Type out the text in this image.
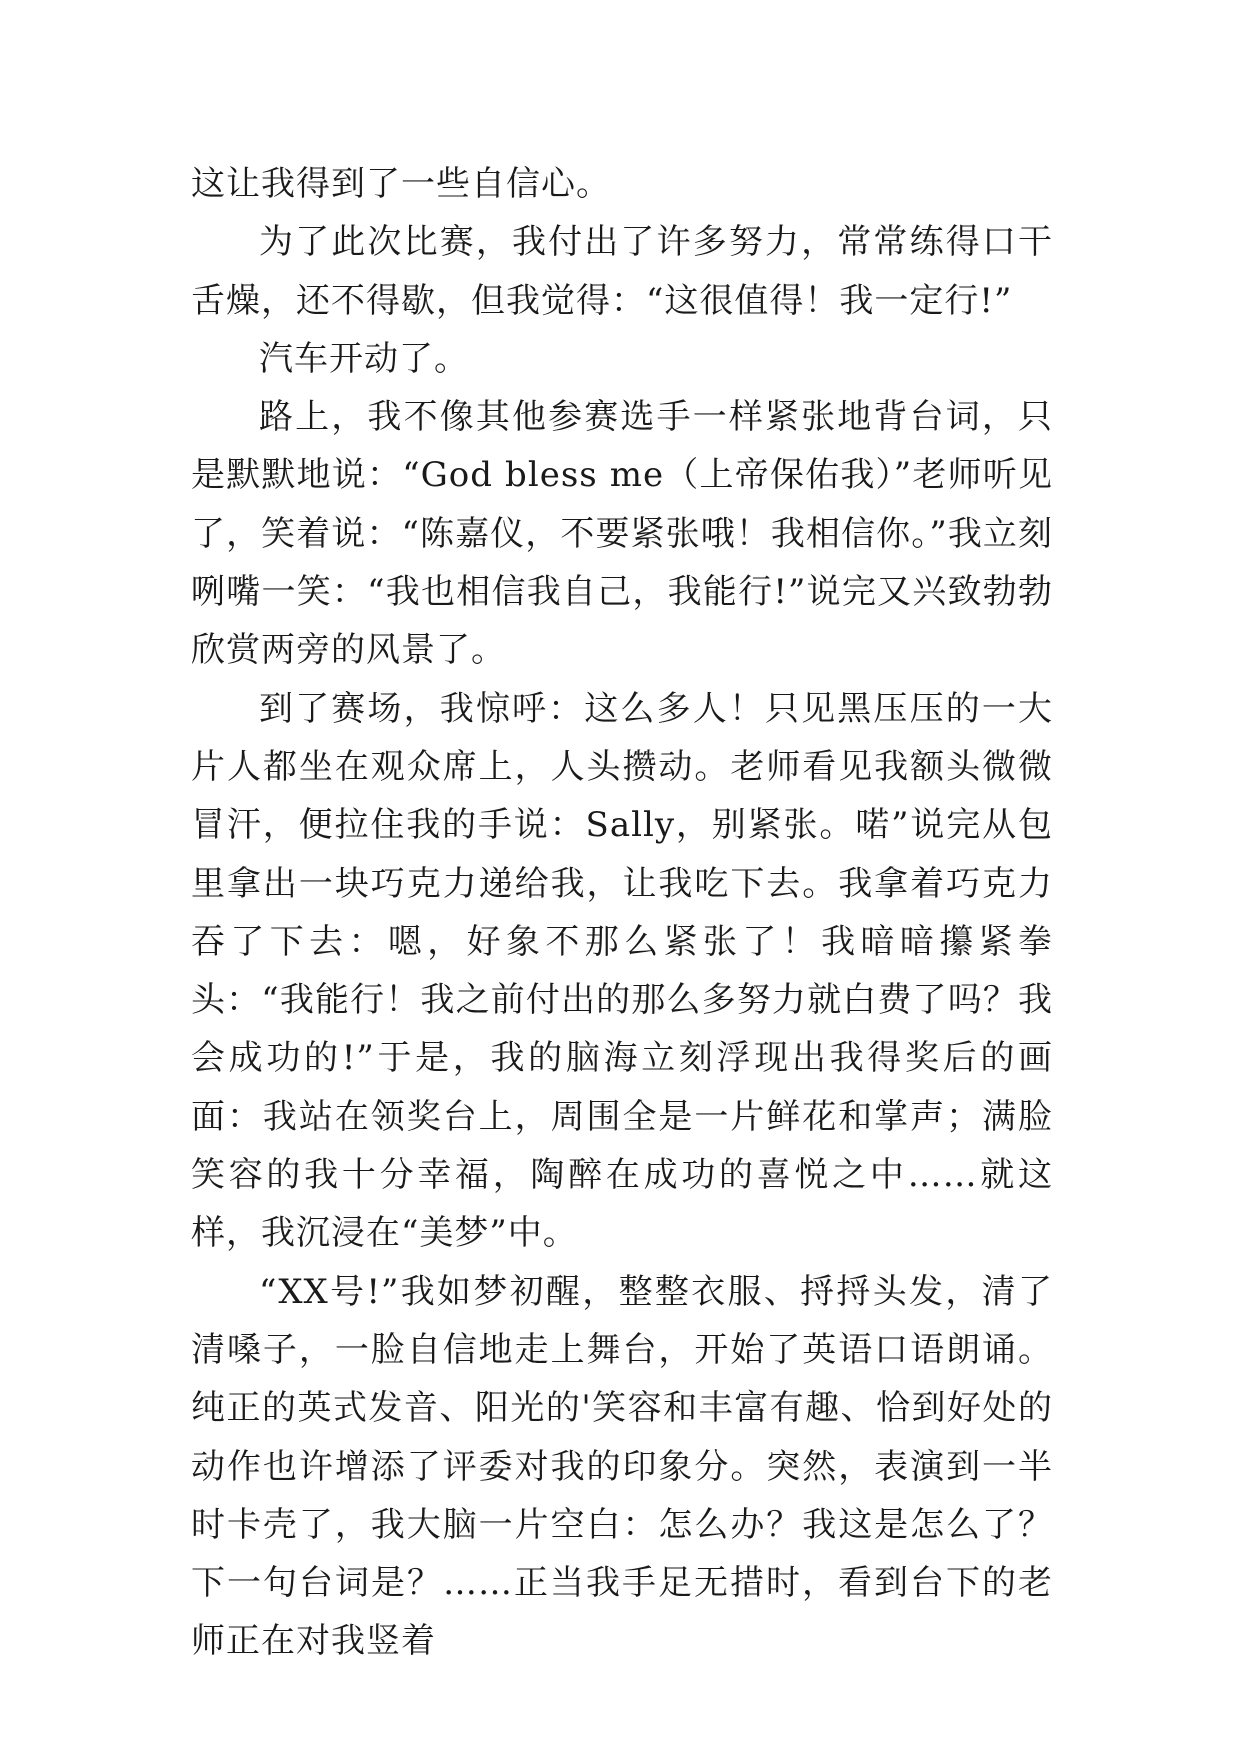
这让我得到了一些自信心。

为了此次比赛，我付出了许多努力，常常练得口干舌燥，还不得歇，但我觉得：“这很值得！我一定行!”

汽车开动了。

路上，我不像其他参赛选手一样紧张地背台词，只是默默地说：“God bless me（上帝保佑我）”老师听见了，笑着说：“陈嘉仪，不要紧张哦！我相信你。”我立刻咧嘴一笑：“我也相信我自己，我能行!”说完又兴致勃勃欣赏两旁的风景了。

到了赛场，我惊呼：这么多人！只见黑压压的一大片人都坐在观众席上，人头攒动。老师看见我额头微微冒汗，便拉住我的手说：Sally，别紧张。喏”说完从包里拿出一块巧克力递给我，让我吃下去。我拿着巧克力吞了下去：嗯，好象不那么紧张了！我暗暗攥紧拳头：“我能行！我之前付出的那么多努力就白费了吗？我会成功的!”于是，我的脑海立刻浮现出我得奖后的画面：我站在领奖台上，周围全是一片鲜花和掌声；满脸笑容的我十分幸福，陶醉在成功的喜悦之中……就这样，我沉浸在“美梦”中。

“XX号!”我如梦初醒，整整衣服、捋捋头发，清了清嗓子，一脸自信地走上舞台，开始了英语口语朗诵。纯正的英式发音、阳光的'笑容和丰富有趣、恰到好处的动作也许增添了评委对我的印象分。突然，表演到一半时卡壳了，我大脑一片空白：怎么办？我这是怎么了？下一句台词是？……正当我手足无措时，看到台下的老师正在对我竖着
